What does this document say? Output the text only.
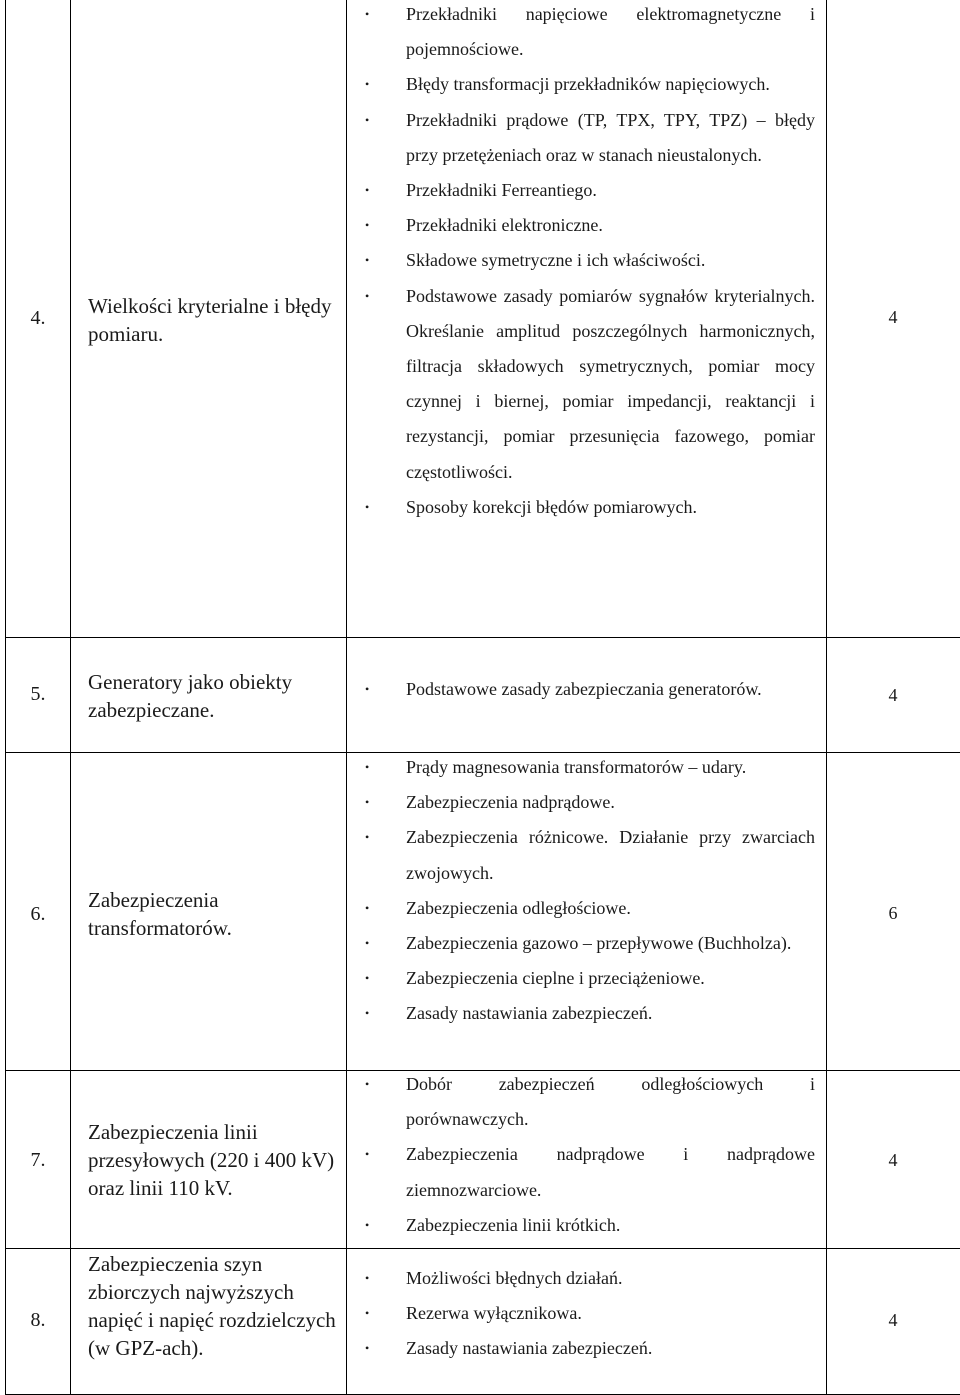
4.	Wielkości kryterialne i błędy pomiaru.
4
• Przekładniki napięciowe elektromagnetyczne i pojemnościowe.
• Błędy transformacji przekładników napięciowych.
• Przekładniki prądowe (TP, TPX, TPY, TPZ) – błędy przy przetężeniach oraz w stanach nieustalonych.
• Przekładniki Ferreantiego.
• Przekładniki elektroniczne.
• Składowe symetryczne i ich właściwości.
• Podstawowe zasady pomiarów sygnałów kryterialnych. Określanie amplitud poszczególnych harmonicznych, filtracja składowych symetrycznych, pomiar mocy czynnej i biernej, pomiar impedancji, reaktancji i rezystancji, pomiar przesunięcia fazowego, pomiar częstotliwości.
• Sposoby korekcji błędów pomiarowych.
5.	Generatory jako obiekty zabezpieczane.
4
• Podstawowe zasady zabezpieczania generatorów.
6.
Zabezpieczenia transformatorów.
6
• Prądy magnesowania transformatorów – udary.
• Zabezpieczenia nadprądowe.
• Zabezpieczenia różnicowe. Działanie przy zwarciach zwojowych.
• Zabezpieczenia odległościowe.
• Zabezpieczenia gazowo – przepływowe (Buchholza).
• Zabezpieczenia cieplne i przeciążeniowe.
• Zasady nastawiania zabezpieczeń.
7.
Zabezpieczenia linii przesyłowych (220 i 400 kV) oraz linii 110 kV.
4
• Dobór zabezpieczeń odległościowych i porównawczych.
• Zabezpieczenia nadprądowe i nadprądowe ziemnozwarciowe.
• Zabezpieczenia linii krótkich.
8.
Zabezpieczenia szyn zbiorczych najwyższych napięć i napięć rozdzielczych (w GPZ-ach).
4
• Możliwości błędnych działań.
• Rezerwa wyłącznikowa.
• Zasady nastawiania zabezpieczeń.
